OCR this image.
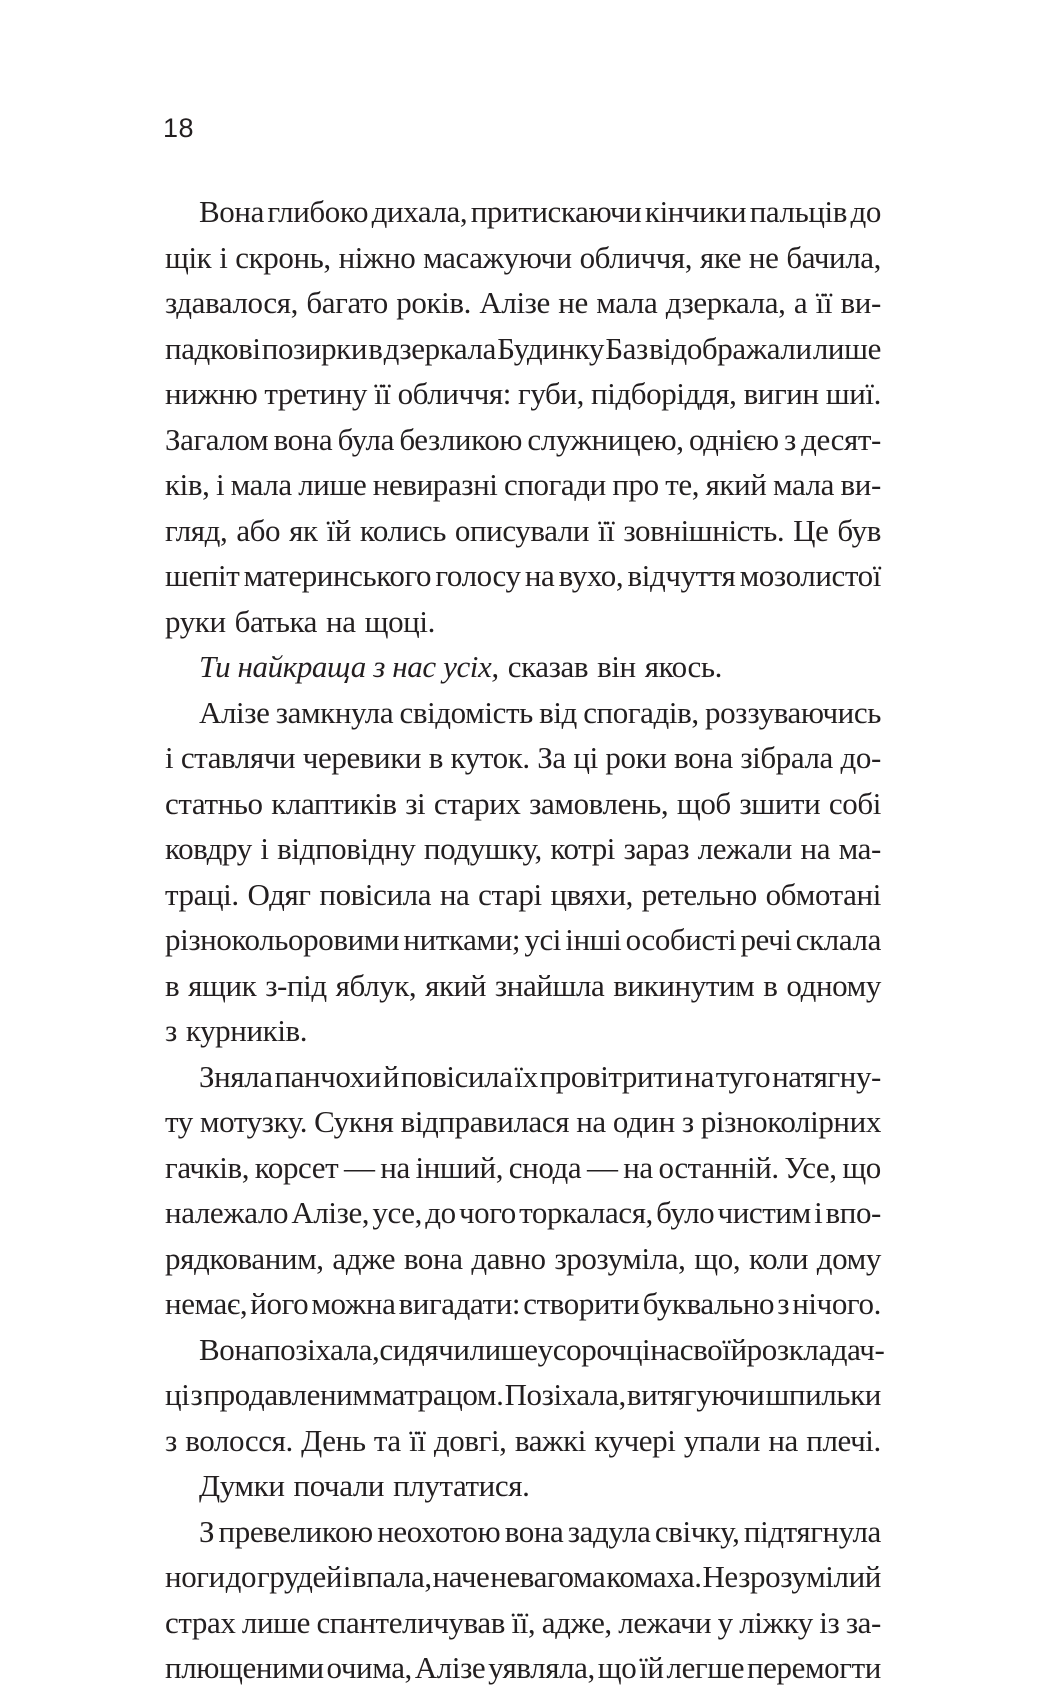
18
Вона глибоко дихала, притискаючи кінчики пальців до
щік і скронь, ніжно масажуючи обличчя, яке не бачила,
здавалося, багато років. Алізе не мала дзеркала, а її ви-
падкові позирки в дзеркала Будинку Баз відображали лише
нижню третину її обличчя: губи, підборіддя, вигин шиї.
Загалом вона була безликою служницею, однією з десят-
ків, і мала лише невиразні спогади про те, який мала ви-
гляд, або як їй колись описували її зовнішність. Це був
шепіт материнського голосу на вухо, відчуття мозолистої
руки батька на щоці.
Ти найкраща з нас усіх, сказав він якось.
Алізе замкнула свідомість від спогадів, роззуваючись
і ставлячи черевики в куток. За ці роки вона зібрала до-
статньо клаптиків зі старих замовлень, щоб зшити собі
ковдру і відповідну подушку, котрі зараз лежали на ма-
траці. Одяг повісила на старі цвяхи, ретельно обмотані
різнокольоровими нитками; усі інші особисті речі склала
в ящик з-під яблук, який знайшла викинутим в одному
з курників.
Зняла панчохи й повісила їх провітрити на туго натягну-
ту мотузку. Сукня відправилася на один з різноколірних
гачків, корсет — на інший, снода — на останній. Усе, що
належало Алізе, усе, до чого торкалася, було чистим і впо-
рядкованим, адже вона давно зрозуміла, що, коли дому
немає, його можна вигадати: створити буквально з нічого.
Вона позіхала, сидячи лише у сорочці на своїй розкладач-
ці з продавленим матрацом. Позіхала, витягуючи шпильки
з волосся. День та її довгі, важкі кучері упали на плечі.
Думки почали плутатися.
З превеликою неохотою вона задула свічку, підтягнула
ноги до грудей і впала, наче невагома комаха. Незрозумілий
страх лише спантеличував її, адже, лежачи у ліжку із за-
плющеними очима, Алізе уявляла, що їй легше перемогти
